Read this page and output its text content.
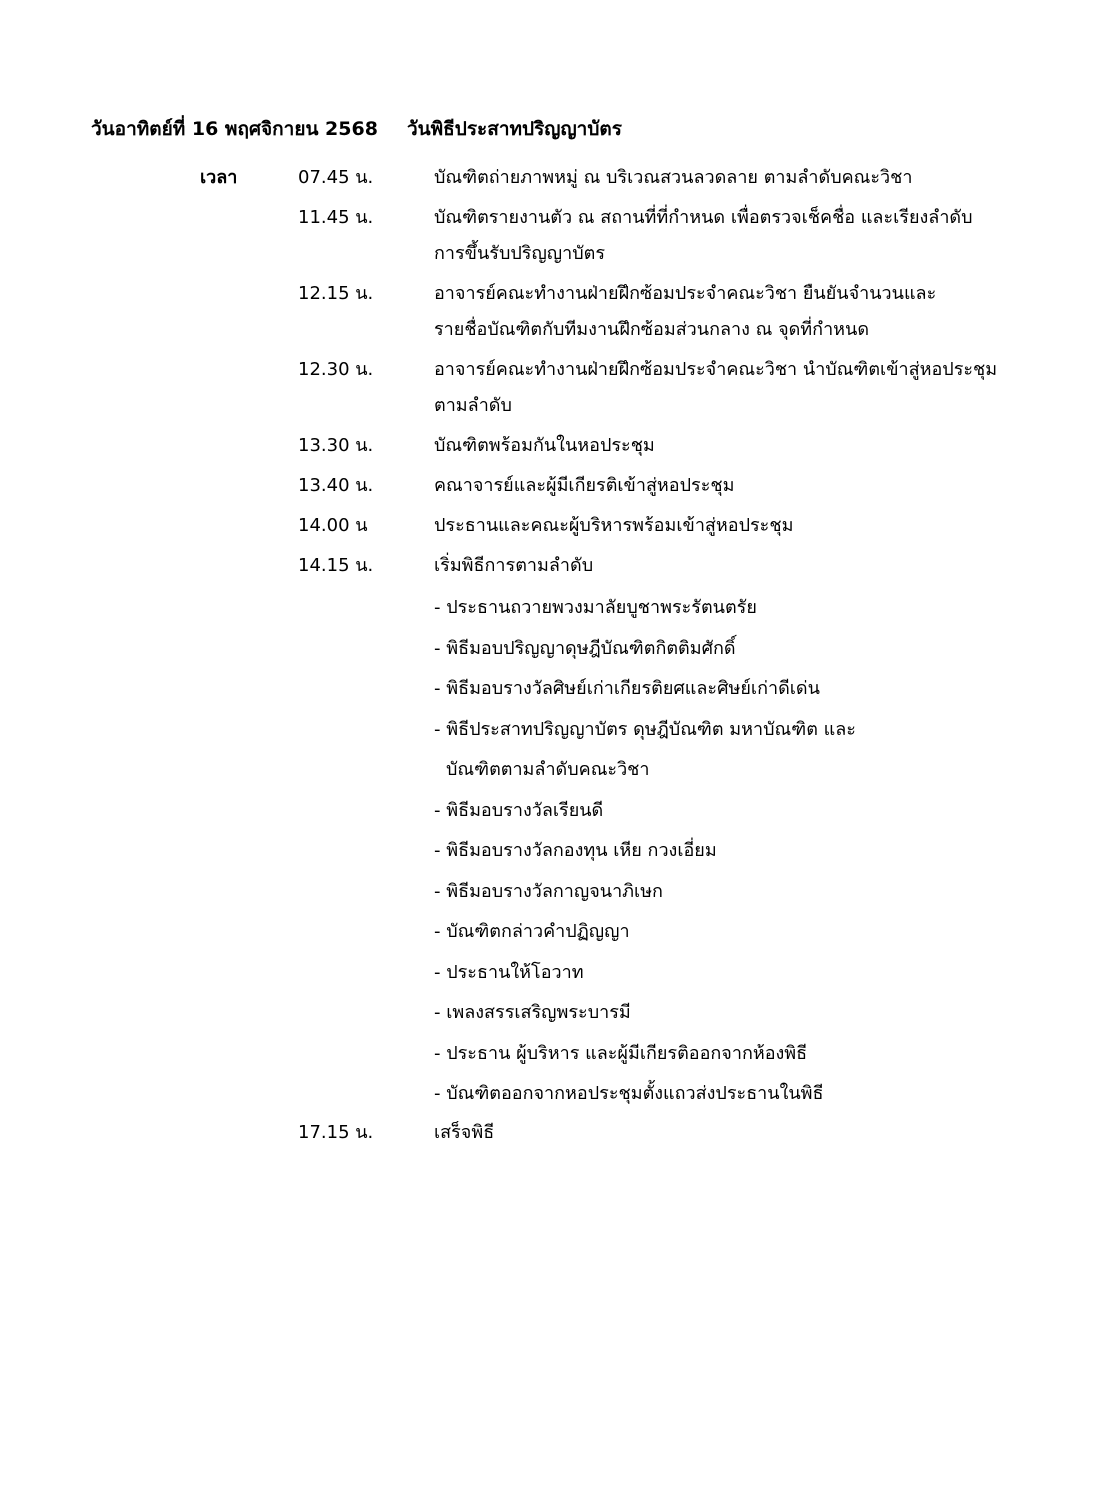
วันอาทิตย์ที่ 16 พฤศจิกายน 2568 วันพิธีประสาทปริญญาบัตร
เวลา	07.45 น.	บัณฑิตถ่ายภาพหมู่ ณ บริเวณสวนลวดลาย ตามลำดับคณะวิชา
11.45 น.	บัณฑิตรายงานตัว ณ สถานที่ที่กำหนด เพื่อตรวจเช็คชื่อ และเรียงลำดับ
การขึ้นรับปริญญาบัตร
12.15 น.	อาจารย์คณะทำงานฝ่ายฝึกซ้อมประจำคณะวิชา ยืนยันจำนวนและ
รายชื่อบัณฑิตกับทีมงานฝึกซ้อมส่วนกลาง ณ จุดที่กำหนด
12.30 น.	อาจารย์คณะทำงานฝ่ายฝึกซ้อมประจำคณะวิชา นำบัณฑิตเข้าสู่หอประชุม
ตามลำดับ
13.30 น.	บัณฑิตพร้อมกันในหอประชุม
13.40 น.	คณาจารย์และผู้มีเกียรติเข้าสู่หอประชุม
14.00 น	ประธานและคณะผู้บริหารพร้อมเข้าสู่หอประชุม
14.15 น.	เริ่มพิธีการตามลำดับ
- ประธานถวายพวงมาลัยบูชาพระรัตนตรัย
- พิธีมอบปริญญาดุษฎีบัณฑิตกิตติมศักดิ์
- พิธีมอบรางวัลศิษย์เก่าเกียรติยศและศิษย์เก่าดีเด่น
- พิธีประสาทปริญญาบัตร ดุษฎีบัณฑิต มหาบัณฑิต และ
บัณฑิตตามลำดับคณะวิชา
- พิธีมอบรางวัลเรียนดี
- พิธีมอบรางวัลกองทุน เหีย กวงเอี่ยม
- พิธีมอบรางวัลกาญจนาภิเษก
- บัณฑิตกล่าวคำปฏิญญา
- ประธานให้โอวาท
- เพลงสรรเสริญพระบารมี
- ประธาน ผู้บริหาร และผู้มีเกียรติออกจากห้องพิธี
- บัณฑิตออกจากหอประชุมตั้งแถวส่งประธานในพิธี
17.15 น.	เสร็จพิธี
